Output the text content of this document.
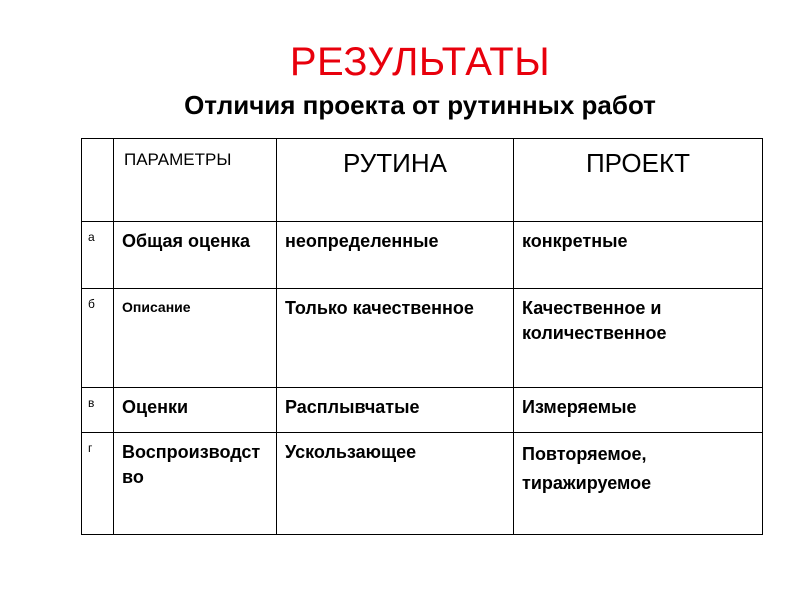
РЕЗУЛЬТАТЫ
Отличия проекта от рутинных работ

	ПАРАМЕТРЫ	РУТИНА	ПРОЕКТ

а	Общая оценка	неопределенные	конкретные

б	Описание	Только качественное	Качественное и количественное

в	Оценки	Расплывчатые	Измеряемые

г	Воспроизводство	Ускользающее	Повторяемое, тиражируемое
